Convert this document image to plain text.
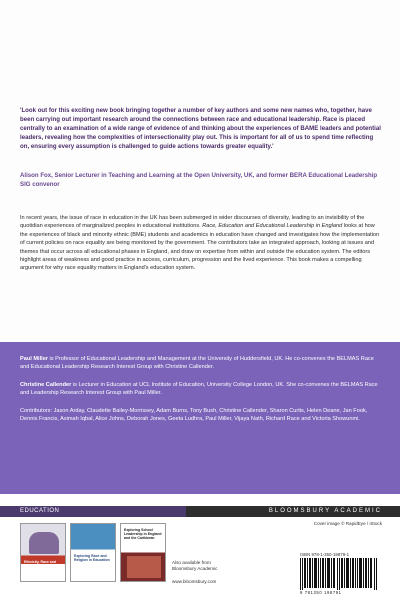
'Look out for this exciting new book bringing together a number of key authors and some new names who, together, have been carrying out important research around the connections between race and educational leadership. Race is placed centrally to an examination of a wide range of evidence of and thinking about the experiences of BAME leaders and potential leaders, revealing how the complexities of intersectionality play out. This is important for all of us to spend time reflecting on, ensuring every assumption is challenged to guide actions towards greater equality.'

Alison Fox, Senior Lecturer in Teaching and Learning at the Open University, UK, and former BERA Educational Leadership SIG convenor

In recent years, the issue of race in education in the UK has been submerged in wider discourses of diversity, leading to an invisibility of the quotidian experiences of marginalized peoples in educational institutions. Race, Education and Educational Leadership in England looks at how the experiences of black and minority ethnic (BME) students and academics in education have changed and investigates how the implementation of current policies on race equality are being monitored by the government. The contributors take an integrated approach, looking at issues and themes that occur across all educational phases in England, and draw on expertise from within and outside the education system. The editors highlight areas of weakness and good practice in access, curriculum, progression and the lived experience. This book makes a compelling argument for why race equality matters in England's education system.

Paul Miller is Professor of Educational Leadership and Management at the University of Huddersfield, UK. He co-convenes the BELMAS Race and Educational Leadership Research Interest Group with Christine Callender.

Christine Callender is Lecturer in Education at UCL Institute of Education, University College London, UK. She co-convenes the BELMAS Race and Leadership Research Interest Group with Paul Miller.

Contributors: Jason Arday, Claudette Bailey-Morrissey, Adam Burns, Tony Bush, Christine Callender, Sharon Curtis, Helen Deane, Jan Fook, Dennis Francis, Asimah Iqbal, Alice Johns, Deborah Jones, Geeta Ludhra, Paul Miller, Vijaya Nath, Richard Race and Victoria Showunmi.

EDUCATION	BLOOMSBURY ACADEMIC
Cover image © RapidEye / iStock
Ethnicity, Race and Education
Exploring Race and Religion in Education
Exploring School Leadership in England and the Caribbean
Also available from Bloomsbury Academic
www.bloomsbury.com
ISBN 978-1-350-19879-1
9 781350 198791
